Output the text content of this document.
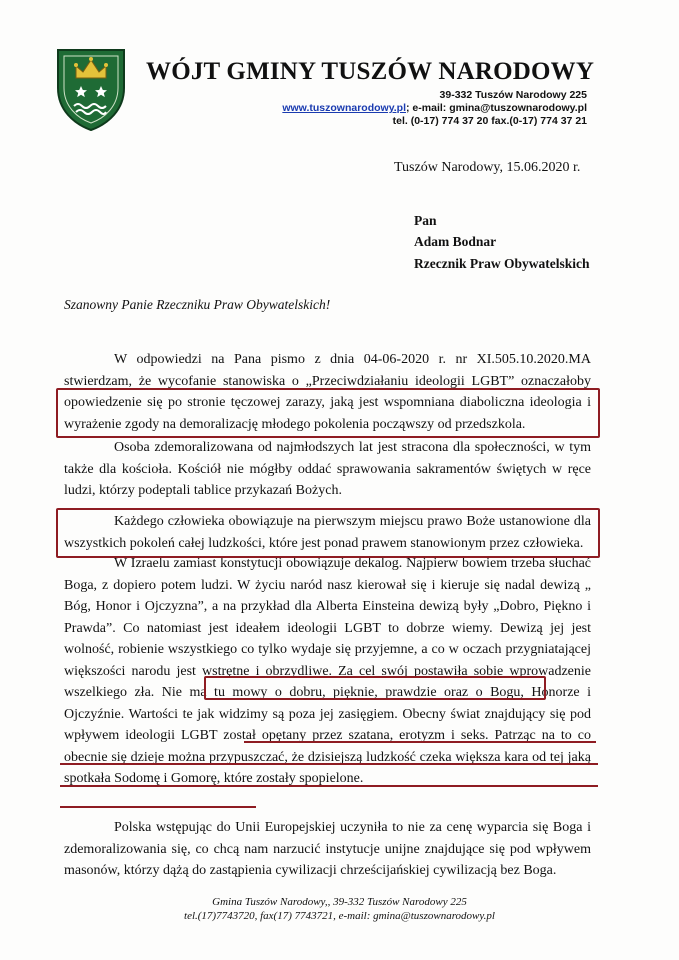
WÓJT GMINY TUSZÓW NARODOWY
39-332 Tuszów Narodowy 225
www.tuszownarodowy.pl; e-mail: gmina@tuszownarodowy.pl
tel. (0-17) 774 37 20 fax.(0-17) 774 37 21
Tuszów Narodowy, 15.06.2020 r.
Pan
Adam Bodnar
Rzecznik Praw Obywatelskich
Szanowny Panie Rzeczniku Praw Obywatelskich!

W odpowiedzi na Pana pismo z dnia 04-06-2020 r. nr XI.505.10.2020.MA stwierdzam, że wycofanie stanowiska o „Przeciwdziałaniu ideologii LGBT” oznaczałoby opowiedzenie się po stronie tęczowej zarazy, jaką jest wspomniana diaboliczna ideologia i wyrażenie zgody na demoralizację młodego pokolenia począwszy od przedszkola.

Osoba zdemoralizowana od najmłodszych lat jest stracona dla społeczności, w tym także dla kościoła. Kościół nie mógłby oddać sprawowania sakramentów świętych w ręce ludzi, którzy podeptali tablice przykazań Bożych.

Każdego człowieka obowiązuje na pierwszym miejscu prawo Boże ustanowione dla wszystkich pokoleń całej ludzkości, które jest ponad prawem stanowionym przez człowieka.

W Izraelu zamiast konstytucji obowiązuje dekalog. Najpierw bowiem trzeba słuchać Boga, z dopiero potem ludzi. W życiu naród nasz kierował się i kieruje się nadal dewizą „ Bóg, Honor i Ojczyzna”, a na przykład dla Alberta Einsteina dewizą były „Dobro, Piękno i Prawda”. Co natomiast jest ideałem ideologii LGBT to dobrze wiemy. Dewizą jej jest wolność, robienie wszystkiego co tylko wydaje się przyjemne, a co w oczach przygniatającej większości narodu jest wstrętne i obrzydliwe. Za cel swój postawiła sobie wprowadzenie wszelkiego zła. Nie ma tu mowy o dobru, pięknie, prawdzie oraz o Bogu, Honorze i Ojczyźnie. Wartości te jak widzimy są poza jej zasięgiem. Obecny świat znajdujący się pod wpływem ideologii LGBT został opętany przez szatana, erotyzm i seks. Patrząc na to co obecnie się dzieje można przypuszczać, że dzisiejszą ludzkość czeka większa kara od tej jaką spotkała Sodomę i Gomorę, które zostały spopielone.

Polska wstępując do Unii Europejskiej uczyniła to nie za cenę wyparcia się Boga i zdemoralizowania się, co chcą nam narzucić instytucje unijne znajdujące się pod wpływem masonów, którzy dążą do zastąpienia cywilizacji chrześcijańskiej cywilizacją bez Boga.

Gmina Tuszów Narodowy,, 39-332 Tuszów Narodowy 225
tel.(17)7743720, fax(17) 7743721, e-mail: gmina@tuszownarodowy.pl
